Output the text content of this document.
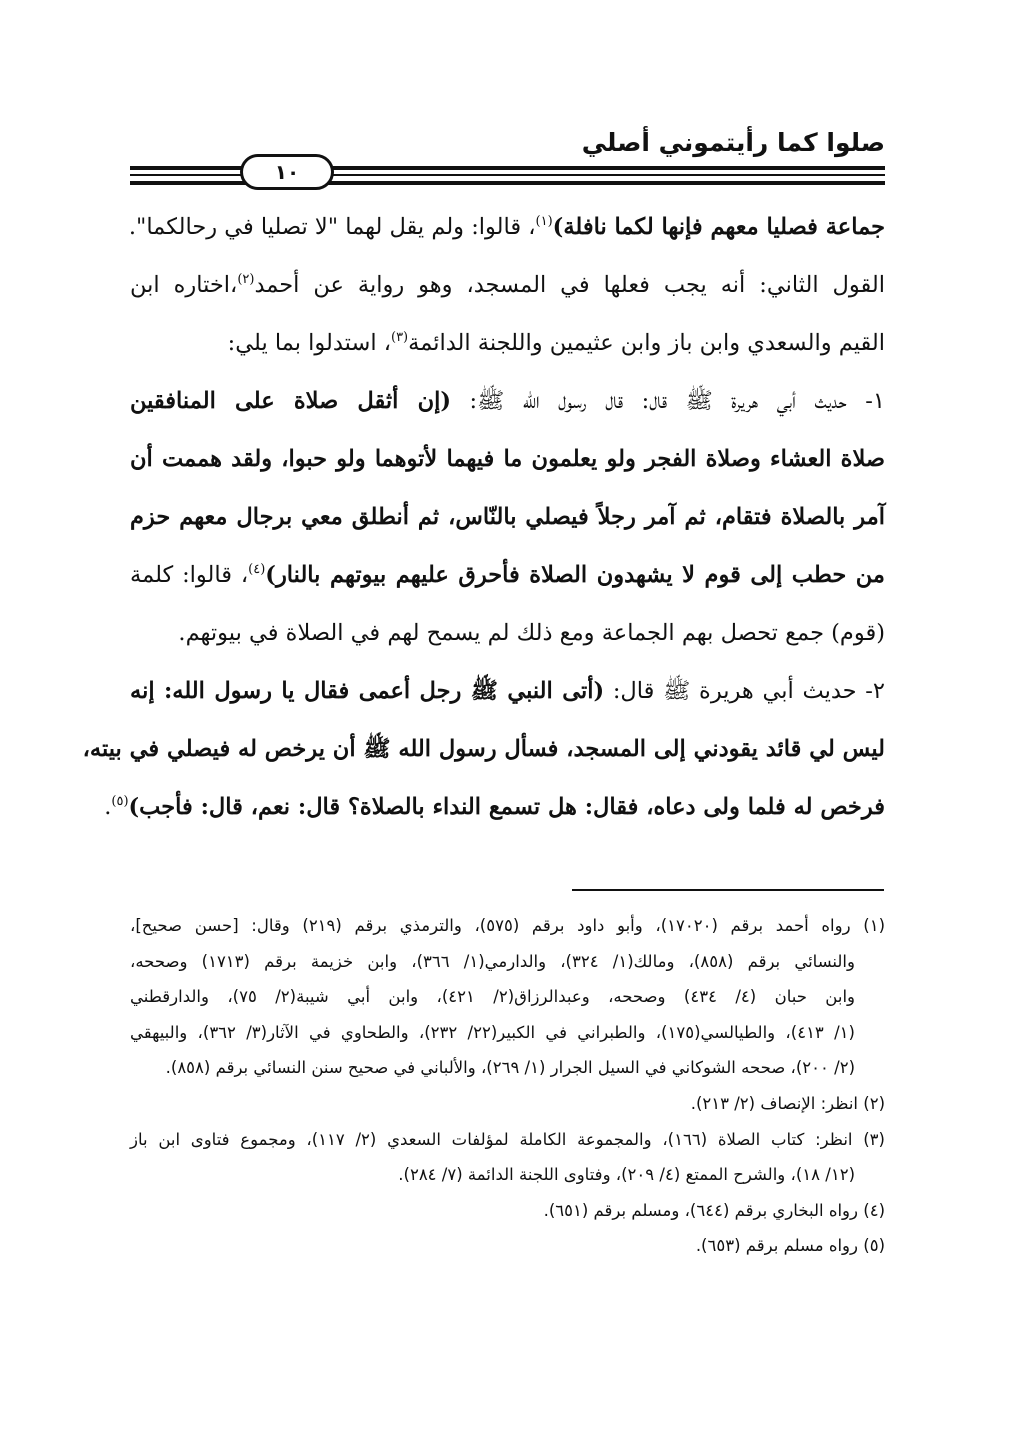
صلوا كما رأيتموني أصلي
١٠
جماعة فصليا معهم فإنها لكما نافلة)$^{(١)}$، قالوا: ولم يقل لهما "لا تصليا في رحالكما".
القول الثاني: أنه يجب فعلها في المسجد، وهو رواية عن أحمد$^{(٢)}$،اختاره ابن
القيم والسعدي وابن باز وابن عثيمين واللجنة الدائمة$^{(٣)}$، استدلوا بما يلي:
١- حديث أبي هريرة ﷺ قال: قال رسول الله ﷺ: (إن أثقل صلاة على المنافقين
صلاة العشاء وصلاة الفجر ولو يعلمون ما فيهما لأتوهما ولو حبوا، ولقد هممت أن
آمر بالصلاة فتقام، ثم آمر رجلاً فيصلي بالنّاس، ثم أنطلق معي برجال معهم حزم
من حطب إلى قوم لا يشهدون الصلاة فأحرق عليهم بيوتهم بالنار)$^{(٤)}$، قالوا: كلمة
(قوم) جمع تحصل بهم الجماعة ومع ذلك لم يسمح لهم في الصلاة في بيوتهم.
٢- حديث أبي هريرة ﷺ قال: (أتى النبي ﷺ رجل أعمى فقال يا رسول الله: إنه
ليس لي قائد يقودني إلى المسجد، فسأل رسول الله ﷺ أن يرخص له فيصلي في بيته،
فرخص له فلما ولى دعاه، فقال: هل تسمع النداء بالصلاة؟ قال: نعم، قال: فأجب)$^{(٥)}$.
(١) رواه أحمد برقم (١٧٠٢٠)، وأبو داود برقم (٥٧٥)، والترمذي برقم (٢١٩) وقال: [حسن صحيح]،
والنسائي برقم (٨٥٨)، ومالك(١/ ٣٢٤)، والدارمي(١/ ٣٦٦)، وابن خزيمة برقم (١٧١٣) وصححه،
وابن حبان (٤/ ٤٣٤) وصححه، وعبدالرزاق(٢/ ٤٢١)، وابن أبي شيبة(٢/ ٧٥)، والدارقطني
(١/ ٤١٣)، والطيالسي(١٧٥)، والطبراني في الكبير(٢٢/ ٢٣٢)، والطحاوي في الآثار(٣/ ٣٦٢)، والبيهقي
(٢/ ٢٠٠)، صححه الشوكاني في السيل الجرار (١/ ٢٦٩)، والألباني في صحيح سنن النسائي برقم (٨٥٨).
(٢) انظر: الإنصاف (٢/ ٢١٣).
(٣) انظر: كتاب الصلاة (١٦٦)، والمجموعة الكاملة لمؤلفات السعدي (٢/ ١١٧)، ومجموع فتاوى ابن باز
(١٢/ ١٨)، والشرح الممتع (٤/ ٢٠٩)، وفتاوى اللجنة الدائمة (٧/ ٢٨٤).
(٤) رواه البخاري برقم (٦٤٤)، ومسلم برقم (٦٥١).
(٥) رواه مسلم برقم (٦٥٣).
